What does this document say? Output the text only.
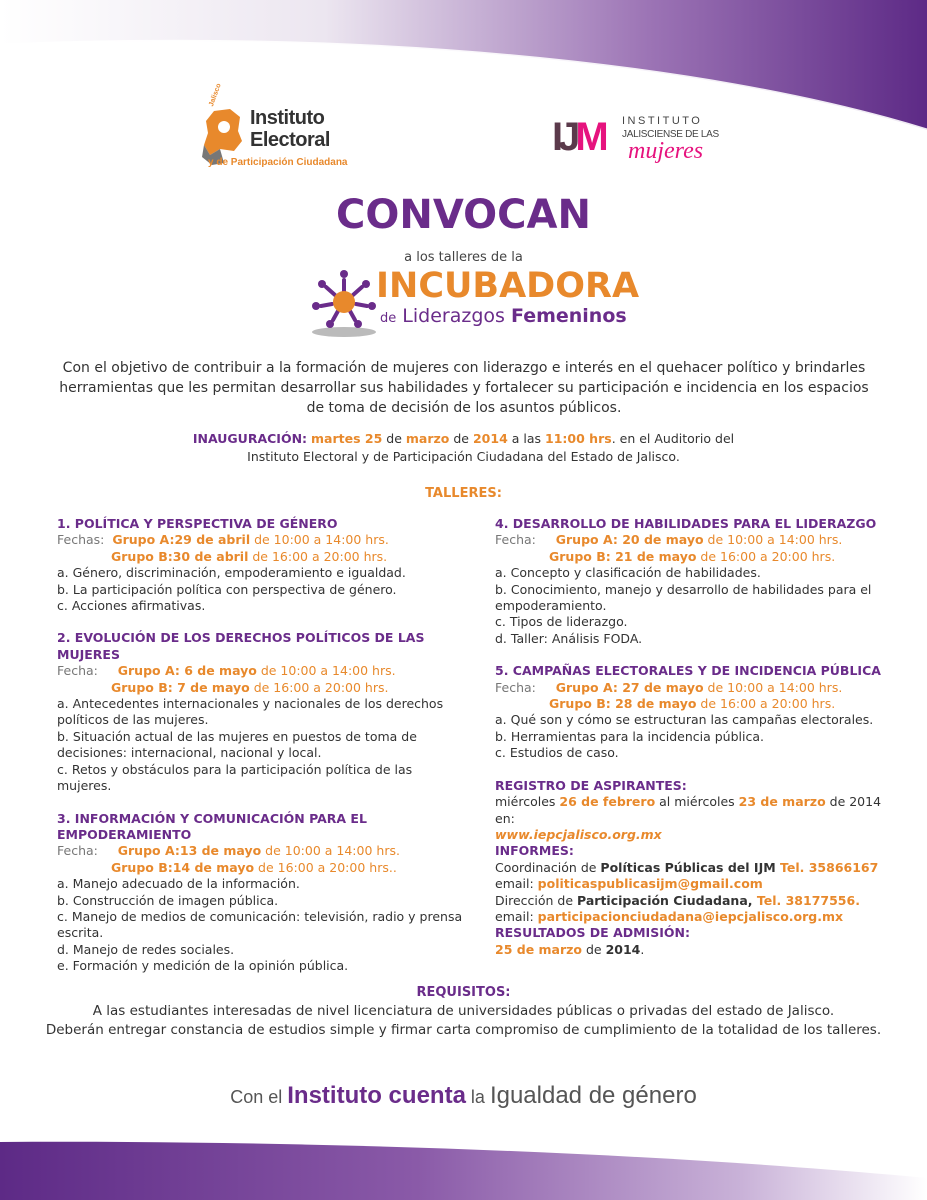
Jalisco
Instituto
Electoral
y de Participación Ciudadana
IJM INSTITUTO
JALISCIENSE DE LAS
mujeres
CONVOCAN
a los talleres de la
INCUBADORA
de Liderazgos Femeninos
Con el objetivo de contribuir a la formación de mujeres con liderazgo e interés en el quehacer político y brindarles herramientas que les permitan desarrollar sus habilidades y fortalecer su participación e incidencia en los espacios de toma de decisión de los asuntos públicos.
INAUGURACIÓN: martes 25 de marzo de 2014 a las 11:00 hrs. en el Auditorio del
Instituto Electoral y de Participación Ciudadana del Estado de Jalisco.
TALLERES:
1. POLÍTICA Y PERSPECTIVA DE GÉNERO
Fechas: Grupo A:29 de abril de 10:00 a 14:00 hrs.
Grupo B:30 de abril de 16:00 a 20:00 hrs.
a. Género, discriminación, empoderamiento e igualdad.
b. La participación política con perspectiva de género.
c. Acciones afirmativas.
2. EVOLUCIÓN DE LOS DERECHOS POLÍTICOS DE LAS MUJERES
Fecha: Grupo A: 6 de mayo de 10:00 a 14:00 hrs.
Grupo B: 7 de mayo de 16:00 a 20:00 hrs.
a. Antecedentes internacionales y nacionales de los derechos políticos de las mujeres.
b. Situación actual de las mujeres en puestos de toma de decisiones: internacional, nacional y local.
c. Retos y obstáculos para la participación política de las mujeres.
3. INFORMACIÓN Y COMUNICACIÓN PARA EL EMPODERAMIENTO
Fecha: Grupo A:13 de mayo de 10:00 a 14:00 hrs.
Grupo B:14 de mayo de 16:00 a 20:00 hrs..
a. Manejo adecuado de la información.
b. Construcción de imagen pública.
c. Manejo de medios de comunicación: televisión, radio y prensa escrita.
d. Manejo de redes sociales.
e. Formación y medición de la opinión pública.
4. DESARROLLO DE HABILIDADES PARA EL LIDERAZGO
Fecha: Grupo A: 20 de mayo de 10:00 a 14:00 hrs.
Grupo B: 21 de mayo de 16:00 a 20:00 hrs.
a. Concepto y clasificación de habilidades.
b. Conocimiento, manejo y desarrollo de habilidades para el empoderamiento.
c. Tipos de liderazgo.
d. Taller: Análisis FODA.
5. CAMPAÑAS ELECTORALES Y DE INCIDENCIA PÚBLICA
Fecha: Grupo A: 27 de mayo de 10:00 a 14:00 hrs.
Grupo B: 28 de mayo de 16:00 a 20:00 hrs.
a. Qué son y cómo se estructuran las campañas electorales.
b. Herramientas para la incidencia pública.
c. Estudios de caso.
REGISTRO DE ASPIRANTES:
miércoles 26 de febrero al miércoles 23 de marzo de 2014 en:
www.iepcjalisco.org.mx
INFORMES:
Coordinación de Políticas Públicas del IJM Tel. 35866167
email: politicaspublicasijm@gmail.com
Dirección de Participación Ciudadana, Tel. 38177556.
email: participacionciudadana@iepcjalisco.org.mx
RESULTADOS DE ADMISIÓN:
25 de marzo de 2014.
REQUISITOS:
A las estudiantes interesadas de nivel licenciatura de universidades públicas o privadas del estado de Jalisco.
Deberán entregar constancia de estudios simple y firmar carta compromiso de cumplimiento de la totalidad de los talleres.
Con el Instituto cuenta la Igualdad de género
